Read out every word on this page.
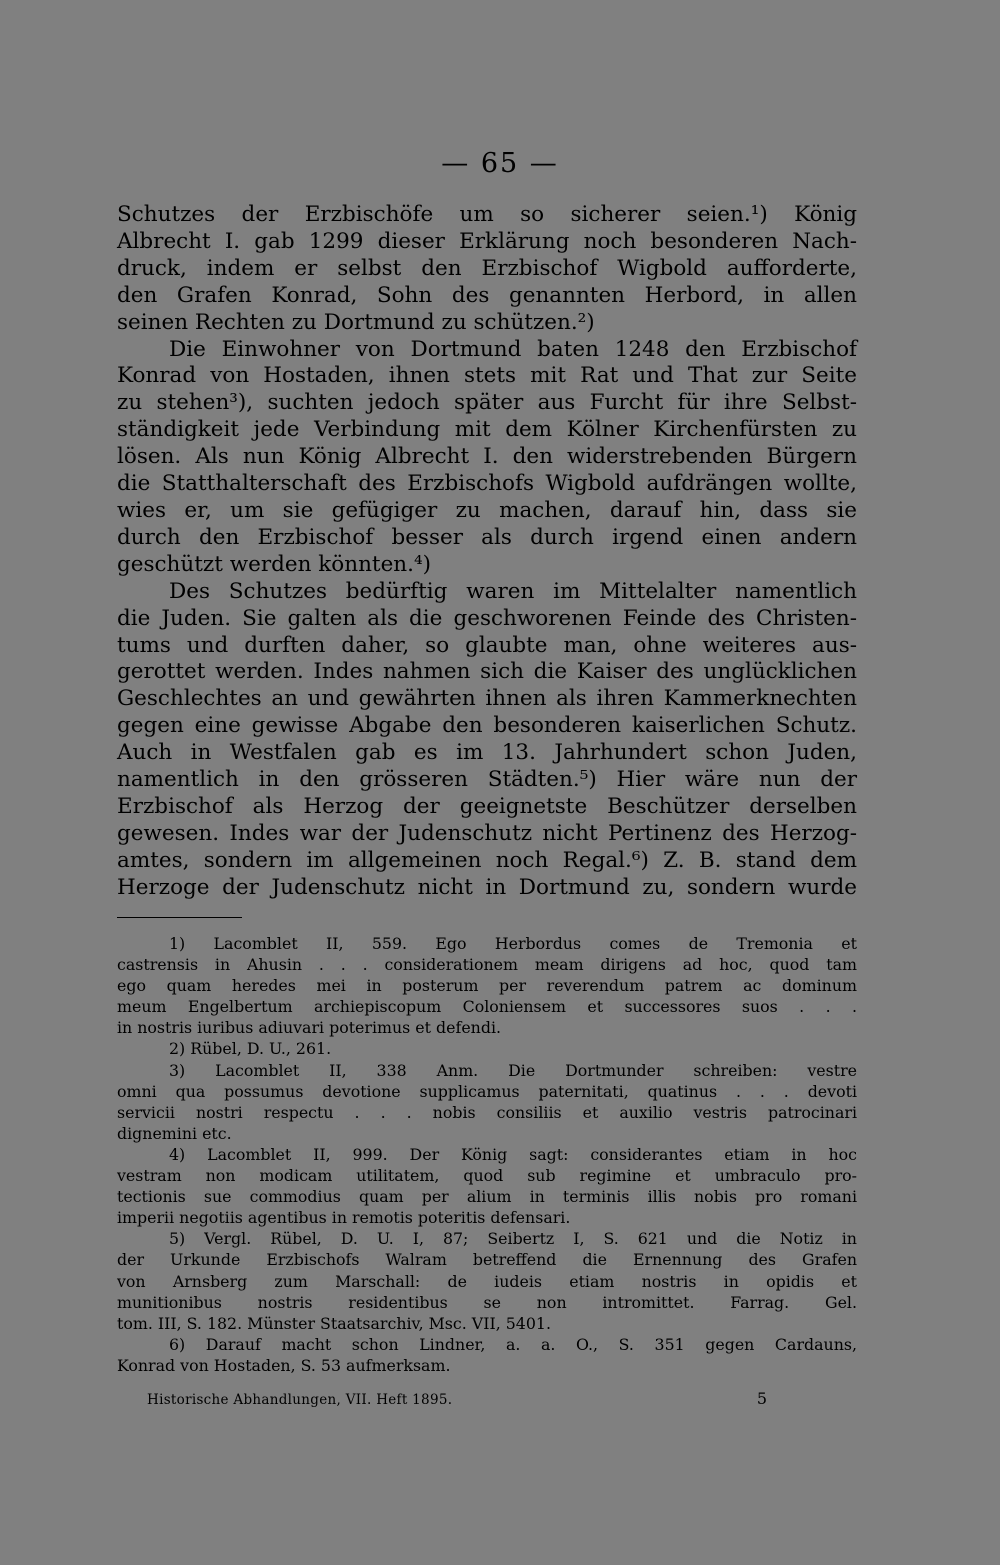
— 65 —
Schutzes der Erzbischöfe um so sicherer seien.¹) König
Albrecht I. gab 1299 dieser Erklärung noch besonderen Nach-
druck, indem er selbst den Erzbischof Wigbold aufforderte,
den Grafen Konrad, Sohn des genannten Herbord, in allen
seinen Rechten zu Dortmund zu schützen.²)
Die Einwohner von Dortmund baten 1248 den Erzbischof
Konrad von Hostaden, ihnen stets mit Rat und That zur Seite
zu stehen³), suchten jedoch später aus Furcht für ihre Selbst-
ständigkeit jede Verbindung mit dem Kölner Kirchenfürsten zu
lösen. Als nun König Albrecht I. den widerstrebenden Bürgern
die Statthalterschaft des Erzbischofs Wigbold aufdrängen wollte,
wies er, um sie gefügiger zu machen, darauf hin, dass sie
durch den Erzbischof besser als durch irgend einen andern
geschützt werden könnten.⁴)
Des Schutzes bedürftig waren im Mittelalter namentlich
die Juden. Sie galten als die geschworenen Feinde des Christen-
tums und durften daher, so glaubte man, ohne weiteres aus-
gerottet werden. Indes nahmen sich die Kaiser des unglücklichen
Geschlechtes an und gewährten ihnen als ihren Kammerknechten
gegen eine gewisse Abgabe den besonderen kaiserlichen Schutz.
Auch in Westfalen gab es im 13. Jahrhundert schon Juden,
namentlich in den grösseren Städten.⁵) Hier wäre nun der
Erzbischof als Herzog der geeignetste Beschützer derselben
gewesen. Indes war der Judenschutz nicht Pertinenz des Herzog-
amtes, sondern im allgemeinen noch Regal.⁶) Z. B. stand dem
Herzoge der Judenschutz nicht in Dortmund zu, sondern wurde
1) Lacomblet II, 559. Ego Herbordus comes de Tremonia et
castrensis in Ahusin . . . considerationem meam dirigens ad hoc, quod tam
ego quam heredes mei in posterum per reverendum patrem ac dominum
meum Engelbertum archiepiscopum Coloniensem et successores suos . . .
in nostris iuribus adiuvari poterimus et defendi.
2) Rübel, D. U., 261.
3) Lacomblet II, 338 Anm. Die Dortmunder schreiben: vestre
omni qua possumus devotione supplicamus paternitati, quatinus . . . devoti
servicii nostri respectu . . . nobis consiliis et auxilio vestris patrocinari
dignemini etc.
4) Lacomblet II, 999. Der König sagt: considerantes etiam in hoc
vestram non modicam utilitatem, quod sub regimine et umbraculo pro-
tectionis sue commodius quam per alium in terminis illis nobis pro romani
imperii negotiis agentibus in remotis poteritis defensari.
5) Vergl. Rübel, D. U. I, 87; Seibertz I, S. 621 und die Notiz in
der Urkunde Erzbischofs Walram betreffend die Ernennung des Grafen
von Arnsberg zum Marschall: de iudeis etiam nostris in opidis et
munitionibus nostris residentibus se non intromittet. Farrag. Gel.
tom. III, S. 182. Münster Staatsarchiv, Msc. VII, 5401.
6) Darauf macht schon Lindner, a. a. O., S. 351 gegen Cardauns,
Konrad von Hostaden, S. 53 aufmerksam.
Historische Abhandlungen, VII. Heft 1895.	5
